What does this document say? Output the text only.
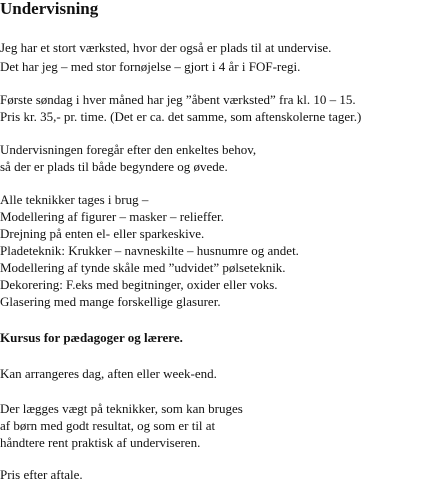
Undervisning

Jeg har et stort værksted, hvor der også er plads til at undervise.

Det har jeg – med stor fornøjelse – gjort i 4 år i FOF-regi.

Første søndag i hver måned har jeg ”åbent værksted” fra kl. 10 – 15.

Pris kr. 35,- pr. time. (Det er ca. det samme, som aftenskolerne tager.)

Undervisningen foregår efter den enkeltes behov,

så der er plads til både begyndere og øvede.

Alle teknikker tages i brug –

Modellering af figurer – masker – relieffer.

Drejning på enten el- eller sparkeskive.

Pladeteknik: Krukker – navneskilte – husnumre og andet.

Modellering af tynde skåle med ”udvidet” pølseteknik.

Dekorering: F.eks med begitninger, oxider eller voks.

Glasering med mange forskellige glasurer.

Kursus for pædagoger og lærere.

Kan arrangeres dag, aften eller week-end.

Der lægges vægt på teknikker, som kan bruges

af børn med godt resultat, og som er til at

håndtere rent praktisk af underviseren.

Pris efter aftale.
